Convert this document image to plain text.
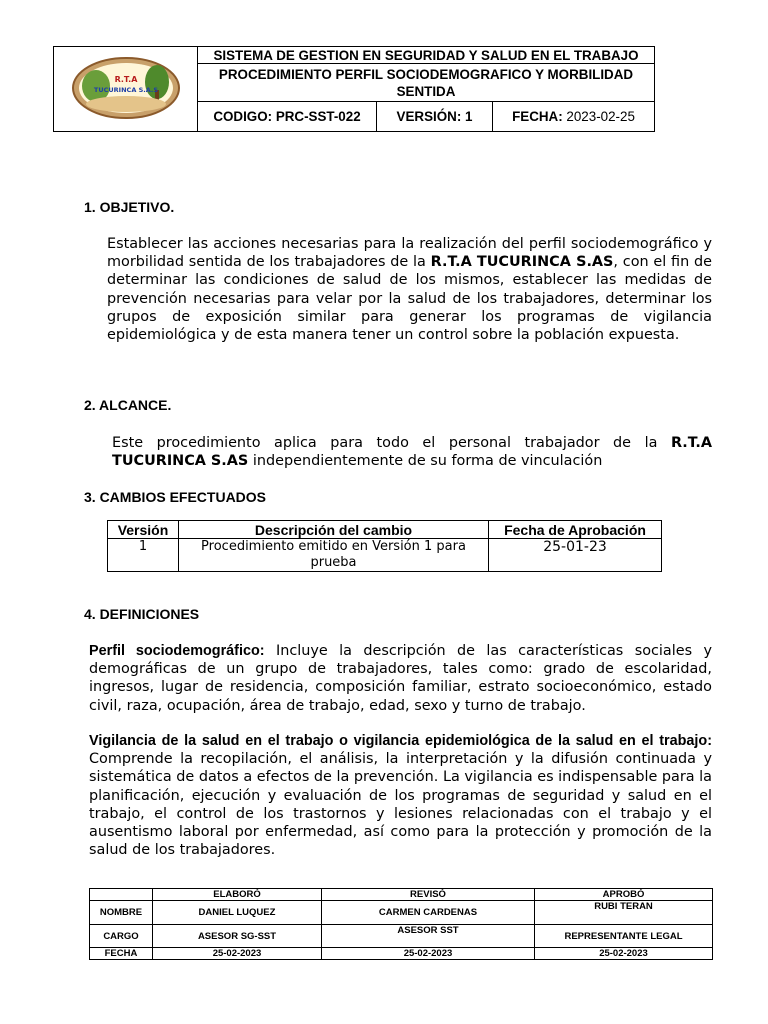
R.T.A
TUCURINCA S.A.S	SISTEMA DE GESTION EN SEGURIDAD Y SALUD EN EL TRABAJO		
	PROCEDIMIENTO PERFIL SOCIODEMOGRAFICO Y MORBILIDAD SENTIDA		
	CODIGO: PRC-SST-022	VERSIÓN: 1	FECHA: 2023-02-25
1. OBJETIVO.
Establecer las acciones necesarias para la realización del perfil sociodemográfico y morbilidad sentida de los trabajadores de la R.T.A TUCURINCA S.AS, con el fin de determinar las condiciones de salud de los mismos, establecer las medidas de prevención necesarias para velar por la salud de los trabajadores, determinar los grupos de exposición similar para generar los programas de vigilancia epidemiológica y de esta manera tener un control sobre la población expuesta.
2. ALCANCE.
Este procedimiento aplica para todo el personal trabajador de la R.T.A TUCURINCA S.AS independientemente de su forma de vinculación
3. CAMBIOS EFECTUADOS
Versión	Descripción del cambio	Fecha de Aprobación
1	Procedimiento emitido en Versión 1 para prueba	25-01-23
4. DEFINICIONES
Perfil sociodemográfico: Incluye la descripción de las características sociales y demográficas de un grupo de trabajadores, tales como: grado de escolaridad, ingresos, lugar de residencia, composición familiar, estrato socioeconómico, estado civil, raza, ocupación, área de trabajo, edad, sexo y turno de trabajo.
Vigilancia de la salud en el trabajo o vigilancia epidemiológica de la salud en el trabajo: Comprende la recopilación, el análisis, la interpretación y la difusión continuada y sistemática de datos a efectos de la prevención. La vigilancia es indispensable para la planificación, ejecución y evaluación de los programas de seguridad y salud en el trabajo, el control de los trastornos y lesiones relacionadas con el trabajo y el ausentismo laboral por enfermedad, así como para la protección y promoción de la salud de los trabajadores.
	ELABORÓ	REVISÓ	APROBÓ
NOMBRE	DANIEL LUQUEZ	CARMEN CARDENAS	RUBI TERAN
CARGO	ASESOR SG-SST	ASESOR SST	REPRESENTANTE LEGAL
FECHA	25-02-2023	25-02-2023	25-02-2023
